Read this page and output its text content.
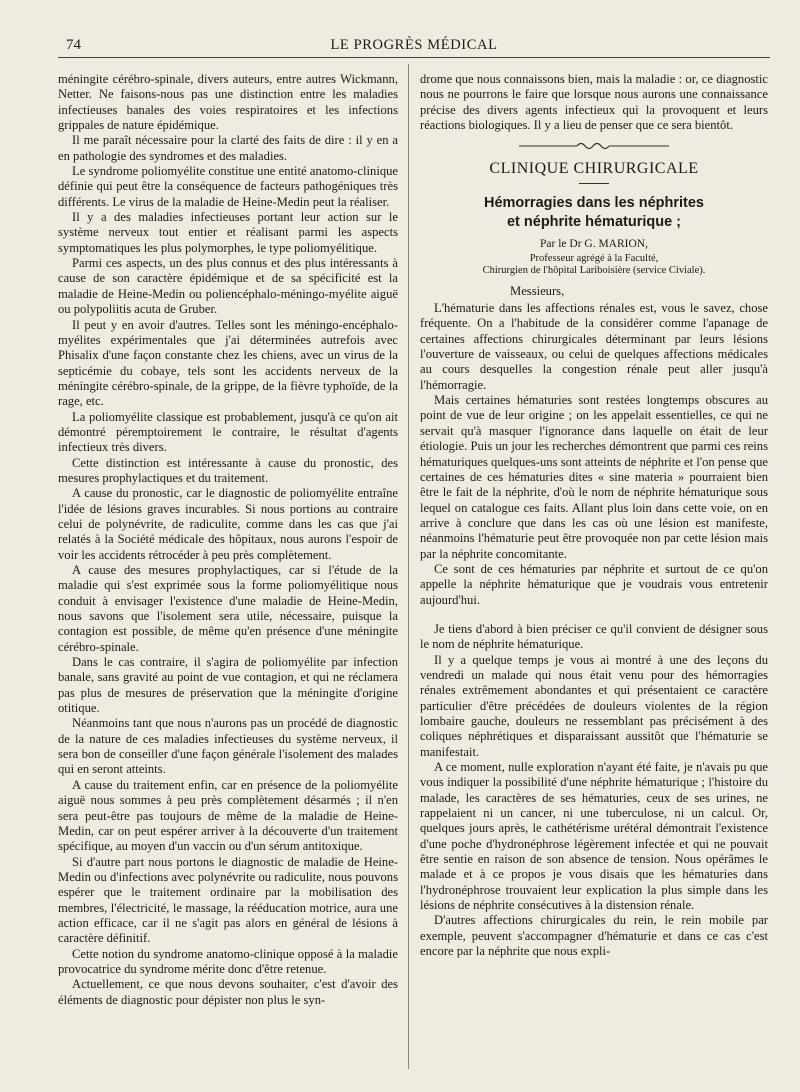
74	LE PROGRÈS MÉDICAL

méningite cérébro-spinale, divers auteurs, entre autres Wickmann, Netter. Ne faisons-nous pas une distinction entre les maladies infectieuses banales des voies respiratoires et les infections grippales de nature épidémique.

Il me paraît nécessaire pour la clarté des faits de dire : il y en a en pathologie des syndromes et des maladies.

Le syndrome poliomyélite constitue une entité anatomo-clinique définie qui peut être la conséquence de facteurs pathogéniques très différents. Le virus de la maladie de Heine-Medin peut la réaliser.

Il y a des maladies infectieuses portant leur action sur le système nerveux tout entier et réalisant parmi les aspects symptomatiques les plus polymorphes, le type poliomyélitique.

Parmi ces aspects, un des plus connus et des plus intéressants à cause de son caractère épidémique et de sa spécificité est la maladie de Heine-Medin ou poliencéphalo-méningo-myélite aiguë ou polypoliitis acuta de Gruber.

Il peut y en avoir d'autres. Telles sont les méningo-encéphalo-myélites expérimentales que j'ai déterminées autrefois avec Phisalix d'une façon constante chez les chiens, avec un virus de la septicémie du cobaye, tels sont les accidents nerveux de la méningite cérébro-spinale, de la grippe, de la fièvre typhoïde, de la rage, etc.

La poliomyélite classique est probablement, jusqu'à ce qu'on ait démontré péremptoirement le contraire, le résultat d'agents infectieux très divers.

Cette distinction est intéressante à cause du pronostic, des mesures prophylactiques et du traitement.

A cause du pronostic, car le diagnostic de poliomyélite entraîne l'idée de lésions graves incurables. Si nous portions au contraire celui de polynévrite, de radiculite, comme dans les cas que j'ai relatés à la Société médicale des hôpitaux, nous aurons l'espoir de voir les accidents rétrocéder à peu près complètement.

A cause des mesures prophylactiques, car si l'étude de la maladie qui s'est exprimée sous la forme poliomyélitique nous conduit à envisager l'existence d'une maladie de Heine-Medin, nous savons que l'isolement sera utile, nécessaire, puisque la contagion est possible, de même qu'en présence d'une méningite cérébro-spinale.

Dans le cas contraire, il s'agira de poliomyélite par infection banale, sans gravité au point de vue contagion, et qui ne réclamera pas plus de mesures de préservation que la méningite d'origine otitique.

Néanmoins tant que nous n'aurons pas un procédé de diagnostic de la nature de ces maladies infectieuses du système nerveux, il sera bon de conseiller d'une façon générale l'isolement des malades qui en seront atteints.

A cause du traitement enfin, car en présence de la poliomyélite aiguë nous sommes à peu près complètement désarmés ; il n'en sera peut-être pas toujours de même de la maladie de Heine-Medin, car on peut espérer arriver à la découverte d'un traitement spécifique, au moyen d'un vaccin ou d'un sérum antitoxique.

Si d'autre part nous portons le diagnostic de maladie de Heine-Medin ou d'infections avec polynévrite ou radiculite, nous pouvons espérer que le traitement ordinaire par la mobilisation des membres, l'électricité, le massage, la rééducation motrice, aura une action efficace, car il ne s'agit pas alors en général de lésions à caractère définitif.

Cette notion du syndrome anatomo-clinique opposé à la maladie provocatrice du syndrome mérite donc d'être retenue.

Actuellement, ce que nous devons souhaiter, c'est d'avoir des éléments de diagnostic pour dépister non plus le syn-

drome que nous connaissons bien, mais la maladie : or, ce diagnostic nous ne pourrons le faire que lorsque nous aurons une connaissance précise des divers agents infectieux qui la provoquent et leurs réactions biologiques. Il y a lieu de penser que ce sera bientôt.

CLINIQUE CHIRURGICALE
Hémorragies dans les néphrites
et néphrite hématurique ;
Par le Dr G. MARION,
Professeur agrégé à la Faculté,
Chirurgien de l'hôpital Lariboisière (service Civiale).

Messieurs,

L'hématurie dans les affections rénales est, vous le savez, chose fréquente. On a l'habitude de la considérer comme l'apanage de certaines affections chirurgicales déterminant par leurs lésions l'ouverture de vaisseaux, ou celui de quelques affections médicales au cours desquelles la congestion rénale peut aller jusqu'à l'hémorragie.

Mais certaines hématuries sont restées longtemps obscures au point de vue de leur origine ; on les appelait essentielles, ce qui ne servait qu'à masquer l'ignorance dans laquelle on était de leur étiologie. Puis un jour les recherches démontrent que parmi ces reins hématuriques quelques-uns sont atteints de néphrite et l'on pense que certaines de ces hématuries dites « sine materia » pourraient bien être le fait de la néphrite, d'où le nom de néphrite hématurique sous lequel on catalogue ces faits. Allant plus loin dans cette voie, on en arrive à conclure que dans les cas où une lésion est manifeste, néanmoins l'hématurie peut être provoquée non par cette lésion mais par la néphrite concomitante.

Ce sont de ces hématuries par néphrite et surtout de ce qu'on appelle la néphrite hématurique que je voudrais vous entretenir aujourd'hui.

Je tiens d'abord à bien préciser ce qu'il convient de désigner sous le nom de néphrite hématurique.

Il y a quelque temps je vous ai montré à une des leçons du vendredi un malade qui nous était venu pour des hémorragies rénales extrêmement abondantes et qui présentaient ce caractère particulier d'être précédées de douleurs violentes de la région lombaire gauche, douleurs ne ressemblant pas précisément à des coliques néphrétiques et disparaissant aussitôt que l'hématurie se manifestait.

A ce moment, nulle exploration n'ayant été faite, je n'avais pu que vous indiquer la possibilité d'une néphrite hématurique ; l'histoire du malade, les caractères de ses hématuries, ceux de ses urines, ne rappelaient ni un cancer, ni une tuberculose, ni un calcul. Or, quelques jours après, le cathétérisme urétéral démontrait l'existence d'une poche d'hydronéphrose légèrement infectée et qui ne pouvait être sentie en raison de son absence de tension. Nous opérâmes le malade et à ce propos je vous disais que les hématuries dans l'hydronéphrose trouvaient leur explication la plus simple dans les lésions de néphrite consécutives à la distension rénale.

D'autres affections chirurgicales du rein, le rein mobile par exemple, peuvent s'accompagner d'hématurie et dans ce cas c'est encore par la néphrite que nous expli-
